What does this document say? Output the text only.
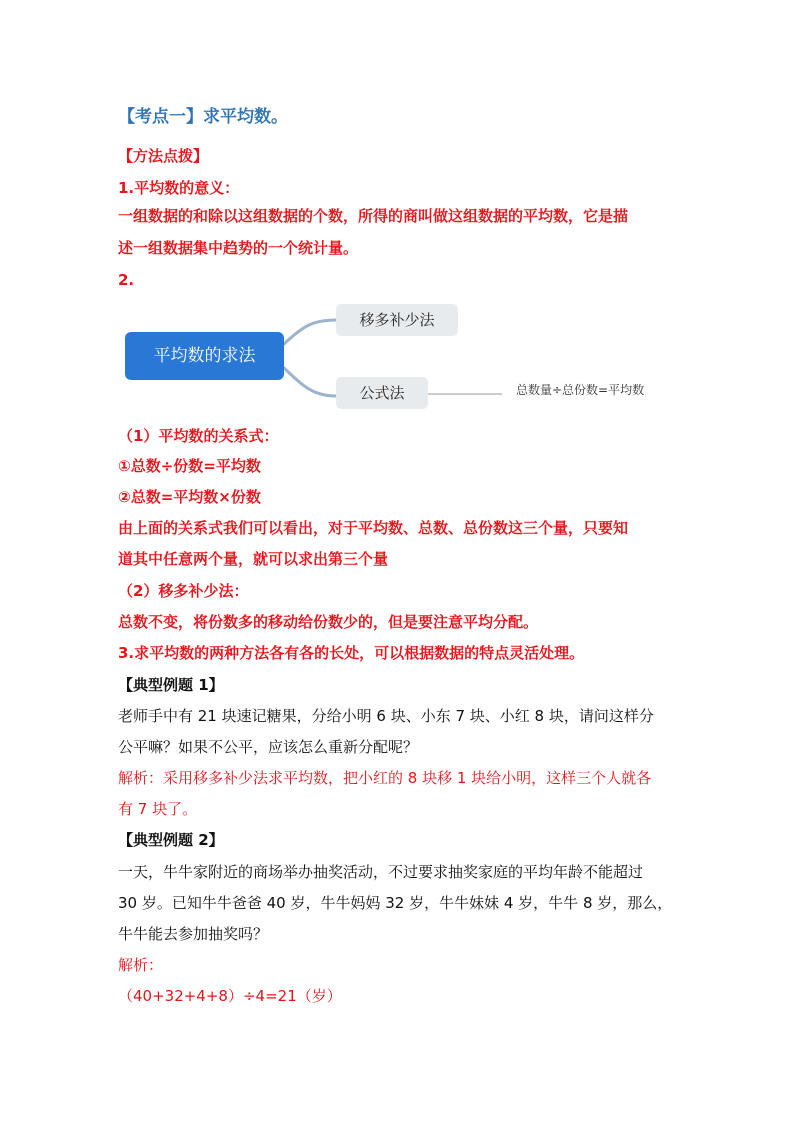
【考点一】求平均数。

【方法点拨】

1.平均数的意义：

一组数据的和除以这组数据的个数，所得的商叫做这组数据的平均数，它是描

述一组数据集中趋势的一个统计量。

2.

平均数的求法
移多补少法
公式法	总数量÷总份数=平均数

（1）平均数的关系式：

①总数÷份数=平均数

②总数=平均数×份数

由上面的关系式我们可以看出，对于平均数、总数、总份数这三个量，只要知

道其中任意两个量，就可以求出第三个量

（2）移多补少法：

总数不变，将份数多的移动给份数少的，但是要注意平均分配。

3.求平均数的两种方法各有各的长处，可以根据数据的特点灵活处理。

【典型例题 1】

老师手中有 21 块速记糖果，分给小明 6 块、小东 7 块、小红 8 块，请问这样分

公平嘛？如果不公平，应该怎么重新分配呢？

解析：采用移多补少法求平均数，把小红的 8 块移 1 块给小明，这样三个人就各

有 7 块了。

【典型例题 2】

一天，牛牛家附近的商场举办抽奖活动，不过要求抽奖家庭的平均年龄不能超过

30 岁。已知牛牛爸爸 40 岁，牛牛妈妈 32 岁，牛牛妹妹 4 岁，牛牛 8 岁，那么，

牛牛能去参加抽奖吗？

解析：

（40+32+4+8）÷4=21（岁）
